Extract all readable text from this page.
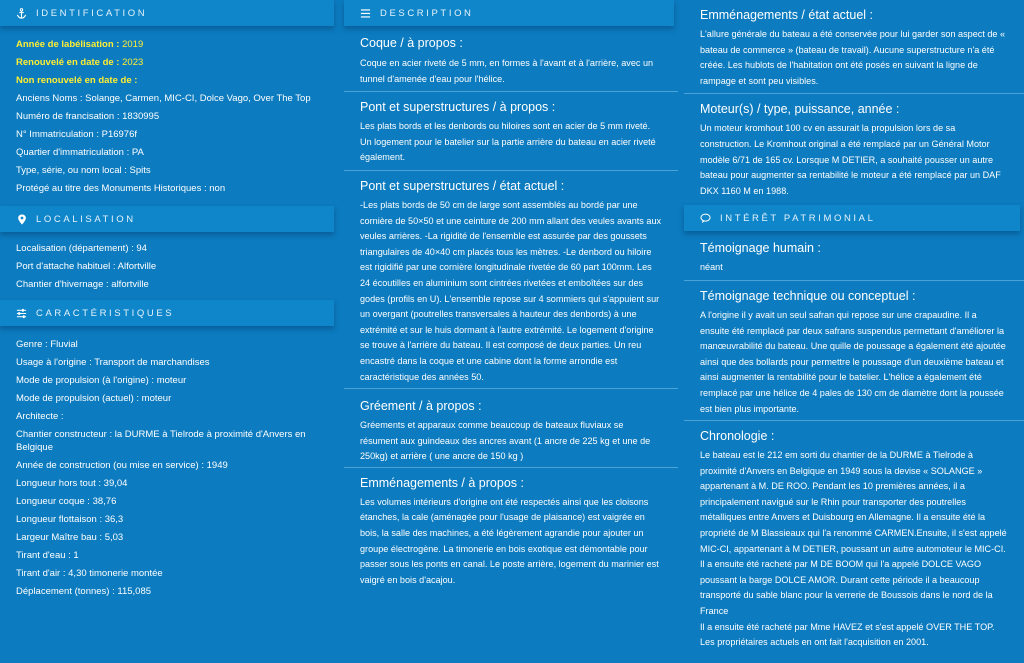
IDENTIFICATION
Année de labélisation : 2019
Renouvelé en date de : 2023
Non renouvelé en date de :
Anciens Noms : Solange, Carmen, MIC-CI, Dolce Vago, Over The Top
Numéro de francisation : 1830995
N° Immatriculation : P16976f
Quartier d'immatriculation : PA
Type, série, ou nom local : Spits
Protégé au titre des Monuments Historiques : non
LOCALISATION
Localisation (département) : 94
Port d'attache habituel : Alfortville
Chantier d'hivernage : alfortville
CARACTÉRISTIQUES
Genre : Fluvial
Usage à l'origine : Transport de marchandises
Mode de propulsion (à l'origine) : moteur
Mode de propulsion (actuel) : moteur
Architecte :
Chantier constructeur : la DURME à Tielrode à proximité d'Anvers en Belgique
Année de construction (ou mise en service) : 1949
Longueur hors tout : 39,04
Longueur coque : 38,76
Longueur flottaison : 36,3
Largeur Maître bau : 5,03
Tirant d'eau : 1
Tirant d'air : 4,30 timonerie montée
Déplacement (tonnes) : 115,085
DESCRIPTION
Coque / à propos :

Coque en acier riveté de 5 mm, en formes à l'avant et à l'arrière, avec un tunnel d'amenée d'eau pour l'hélice.

Pont et superstructures / à propos :

Les plats bords et les denbords ou hiloires sont en acier de 5 mm riveté. Un logement pour le batelier sur la partie arrière du bateau en acier riveté également.

Pont et superstructures / état actuel :

-Les plats bords de 50 cm de large sont assemblés au bordé par une cornière de 50×50 et une ceinture de 200 mm allant des veules avants aux veules arrières. -La rigidité de l'ensemble est assurée par des goussets triangulaires de 40×40 cm placés tous les mètres. -Le denbord ou hiloire est rigidifié par une cornière longitudinale rivetée de 60 part 100mm. Les 24 écoutilles en aluminium sont cintrées rivetées et emboîtées sur des godes (profils en U). L'ensemble repose sur 4 sommiers qui s'appuient sur un overgant (poutrelles transversales à hauteur des denbords) à une extrémité et sur le huis dormant à l'autre extrémité. Le logement d'origine se trouve à l'arrière du bateau. Il est composé de deux parties. Un reu encastré dans la coque et une cabine dont la forme arrondie est caractéristique des années 50.

Gréement / à propos :

Gréements et apparaux comme beaucoup de bateaux fluviaux se résument aux guindeaux des ancres avant (1 ancre de 225 kg et une de 250kg) et arrière ( une ancre de 150 kg )

Emménagements / à propos :

Les volumes intérieurs d'origine ont été respectés ainsi que les cloisons étanches, la cale (aménagée pour l'usage de plaisance) est vaigrée en bois, la salle des machines, a été légèrement agrandie pour ajouter un groupe électrogène. La timonerie en bois exotique est démontable pour passer sous les ponts en canal. Le poste arrière, logement du marinier est vaigré en bois d'acajou.

Emménagements / état actuel :

L'allure générale du bateau a été conservée pour lui garder son aspect de « bateau de commerce » (bateau de travail). Aucune superstructure n'a été créée. Les hublots de l'habitation ont été posés en suivant la ligne de rampage et sont peu visibles.

Moteur(s) / type, puissance, année :

Un moteur kromhout 100 cv en assurait la propulsion lors de sa construction. Le Kromhout original a été remplacé par un Général Motor modèle 6/71 de 165 cv. Lorsque M DETIER, a souhaité pousser un autre bateau pour augmenter sa rentabilité le moteur a été remplacé par un DAF DKX 1160 M en 1988.

INTÉRÊT PATRIMONIAL
Témoignage humain :

néant

Témoignage technique ou conceptuel :

A l'origine il y avait un seul safran qui repose sur une crapaudine. Il a ensuite été remplacé par deux safrans suspendus permettant d'améliorer la manœuvrabilité du bateau. Une quille de poussage a également été ajoutée ainsi que des bollards pour permettre le poussage d'un deuxième bateau et ainsi augmenter la rentabilité pour le batelier. L'hélice a également été remplacé par une hélice de 4 pales de 130 cm de diamètre dont la poussée est bien plus importante.

Chronologie :

Le bateau est le 212 em sorti du chantier de la DURME à Tielrode à proximité d'Anvers en Belgique en 1949 sous la devise « SOLANGE » appartenant à M. DE ROO. Pendant les 10 premières années, il a principalement navigué sur le Rhin pour transporter des poutrelles métalliques entre Anvers et Duisbourg en Allemagne. Il a ensuite été la propriété de M Blassieaux qui l'a renommé CARMEN.Ensuite, il s'est appelé MIC-CI, appartenant à M DETIER, poussant un autre automoteur le MIC-CI. Il a ensuite été racheté par M DE BOOM qui l'a appelé DOLCE VAGO poussant la barge DOLCE AMOR. Durant cette période il a beaucoup transporté du sable blanc pour la verrerie de Boussois dans le nord de la France

Il a ensuite été racheté par Mme HAVEZ et s'est appelé OVER THE TOP. Les propriétaires actuels en ont fait l'acquisition en 2001.
